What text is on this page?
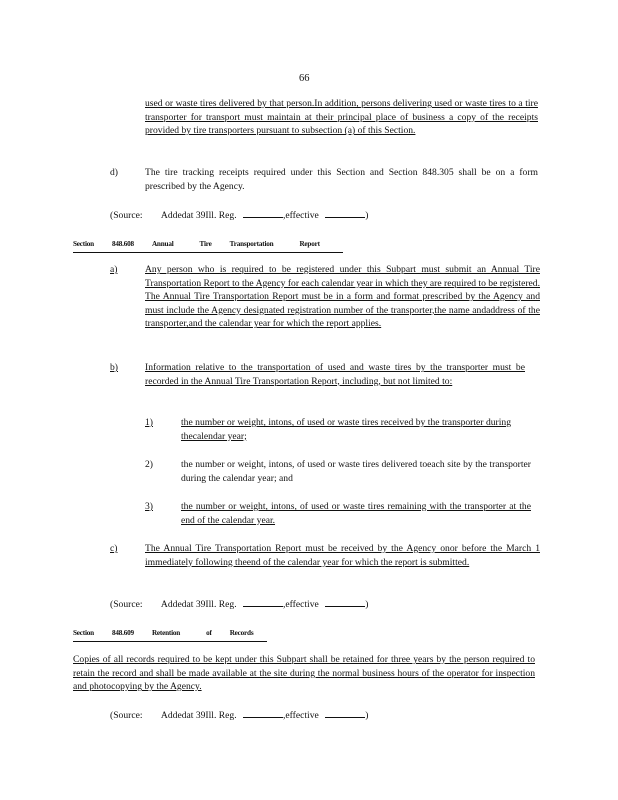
66
used or waste tires delivered by that person.In addition, persons delivering used or waste tires to a tire transporter for transport must maintain at their principal place of business a copy of the receipts provided by tire transporters pursuant to subsection (a) of this Section.
d)	The tire tracking receipts required under this Section and Section 848.305 shall be on a form prescribed by the Agency.
(Source: Addedat 39Ill. Reg.	,effective	)
Section	848.608	Annual	Tire	Transportation	Report
a)	Any person who is required to be registered under this Subpart must submit an Annual Tire Transportation Report to the Agency for each calendar year in which they are required to be registered. The Annual Tire Transportation Report must be in a form and format prescribed by the Agency and must include the Agency designated registration number of the transporter,the name andaddress of the transporter,and the calendar year for which the report applies.
b)	Information relative to the transportation of used and waste tires by the transporter must be recorded in the Annual Tire Transportation Report, including, but not limited to:
1)	the number or weight, intons, of used or waste tires received by the transporter during thecalendar year;
2)	the number or weight, intons, of used or waste tires delivered toeach site by the transporter during the calendar year; and
3)	the number or weight, intons, of used or waste tires remaining with the transporter at the end of the calendar year.
c)	The Annual Tire Transportation Report must be received by the Agency onor before the March 1 immediately following theend of the calendar year for which the report is submitted.
(Source: Addedat 39Ill. Reg.	,effective	)
Section	848.609	Retention	of	Records
Copies of all records required to be kept under this Subpart shall be retained for three years by the person required to retain the record and shall be made available at the site during the normal business hours of the operator for inspection and photocopying by the Agency.
(Source: Addedat 39Ill. Reg.	,effective	)
